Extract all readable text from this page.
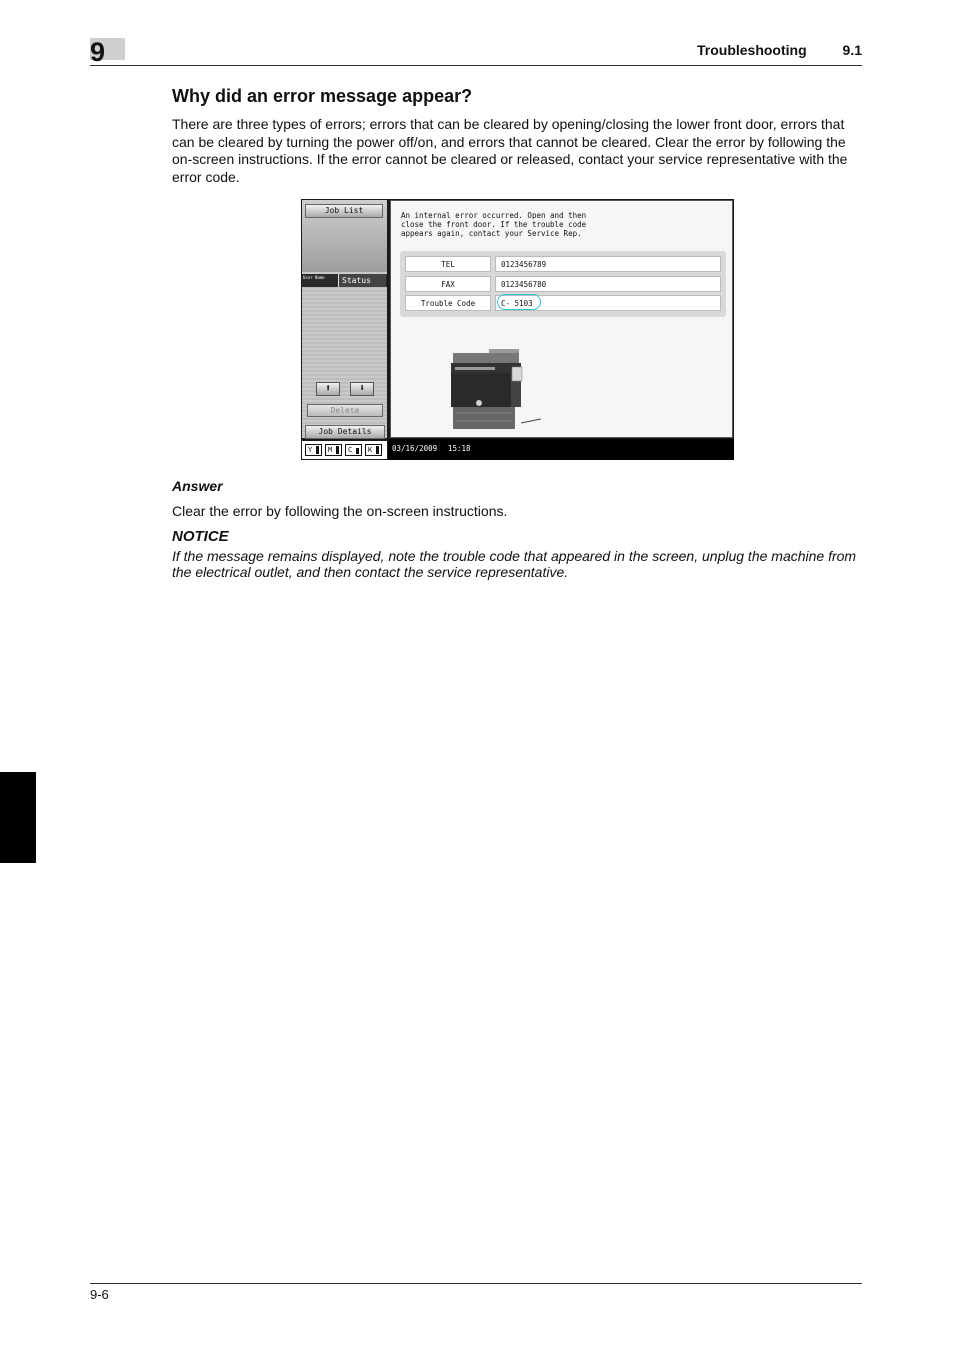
9	Troubleshooting	9.1
Why did an error message appear?
There are three types of errors; errors that can be cleared by opening/closing the lower front door, errors that can be cleared by turning the power off/on, and errors that cannot be cleared. Clear the error by following the on-screen instructions. If the error cannot be cleared or released, contact your service representative with the error code.
Job List
User Name	Status
⬆	⬇
Delete
Job Details
Y	M	C	K
An internal error occurred. Open and then close the front door. If the trouble code appears again, contact your Service Rep.
TEL	0123456789
FAX	0123456780
Trouble Code	C- 5103
03/16/2009 15:18
Answer
Clear the error by following the on-screen instructions.
NOTICE
If the message remains displayed, note the trouble code that appeared in the screen, unplug the machine from the electrical outlet, and then contact the service representative.
9-6
